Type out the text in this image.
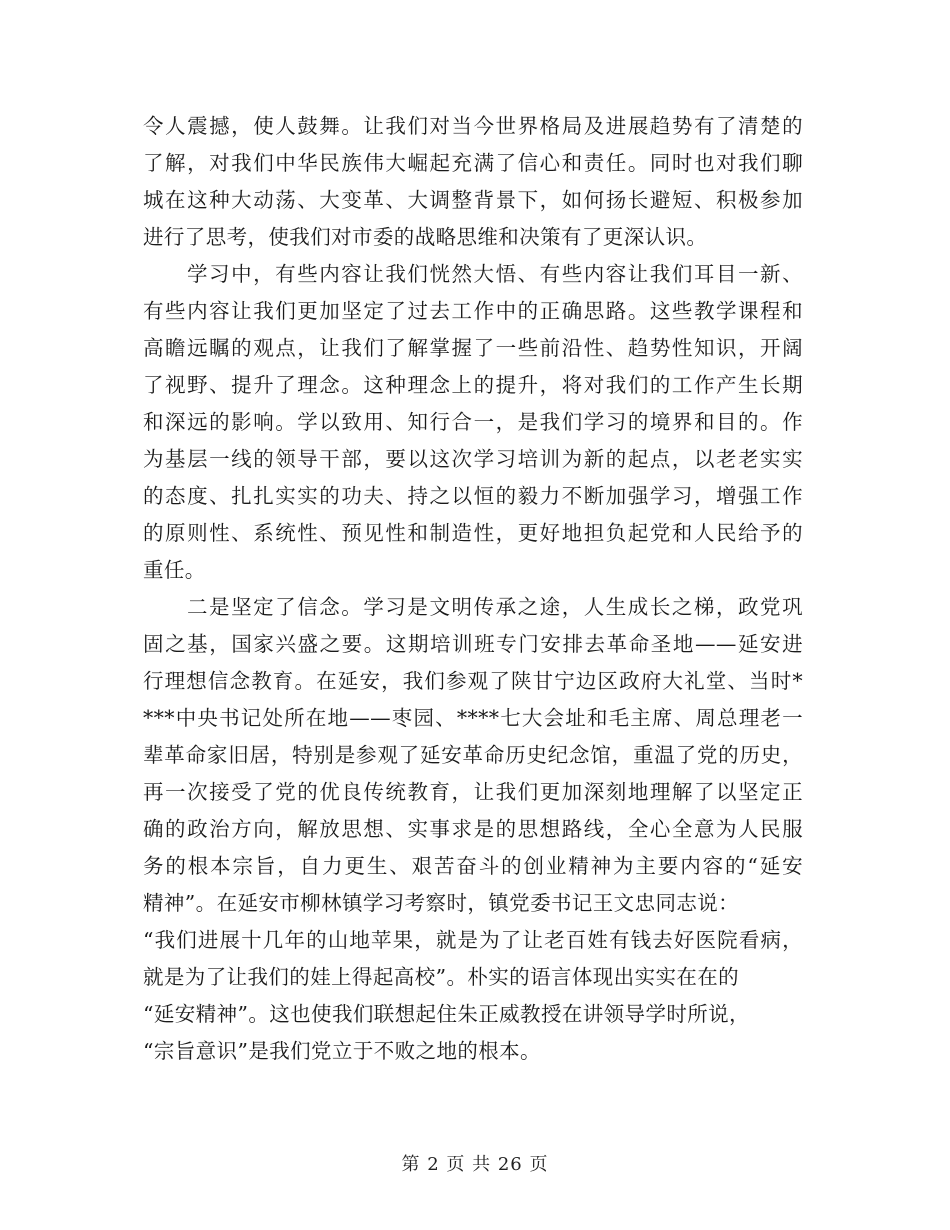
令人震撼，使人鼓舞。让我们对当今世界格局及进展趋势有了清楚的
了解，对我们中华民族伟大崛起充满了信心和责任。同时也对我们聊
城在这种大动荡、大变革、大调整背景下，如何扬长避短、积极参加
进行了思考，使我们对市委的战略思维和决策有了更深认识。
学习中，有些内容让我们恍然大悟、有些内容让我们耳目一新、
有些内容让我们更加坚定了过去工作中的正确思路。这些教学课程和
高瞻远瞩的观点，让我们了解掌握了一些前沿性、趋势性知识，开阔
了视野、提升了理念。这种理念上的提升，将对我们的工作产生长期
和深远的影响。学以致用、知行合一，是我们学习的境界和目的。作
为基层一线的领导干部，要以这次学习培训为新的起点，以老老实实
的态度、扎扎实实的功夫、持之以恒的毅力不断加强学习，增强工作
的原则性、系统性、预见性和制造性，更好地担负起党和人民给予的
重任。
二是坚定了信念。学习是文明传承之途，人生成长之梯，政党巩
固之基，国家兴盛之要。这期培训班专门安排去革命圣地——延安进
行理想信念教育。在延安，我们参观了陕甘宁边区政府大礼堂、当时*
***中央书记处所在地——枣园、****七大会址和毛主席、周总理老一
辈革命家旧居，特别是参观了延安革命历史纪念馆，重温了党的历史，
再一次接受了党的优良传统教育，让我们更加深刻地理解了以坚定正
确的政治方向，解放思想、实事求是的思想路线，全心全意为人民服
务的根本宗旨，自力更生、艰苦奋斗的创业精神为主要内容的“延安
精神”。在延安市柳林镇学习考察时，镇党委书记王文忠同志说：
“我们进展十几年的山地苹果，就是为了让老百姓有钱去好医院看病，
就是为了让我们的娃上得起高校”。朴实的语言体现出实实在在的
“延安精神”。这也使我们联想起住朱正威教授在讲领导学时所说，
“宗旨意识”是我们党立于不败之地的根本。
第 2 页 共 26 页
